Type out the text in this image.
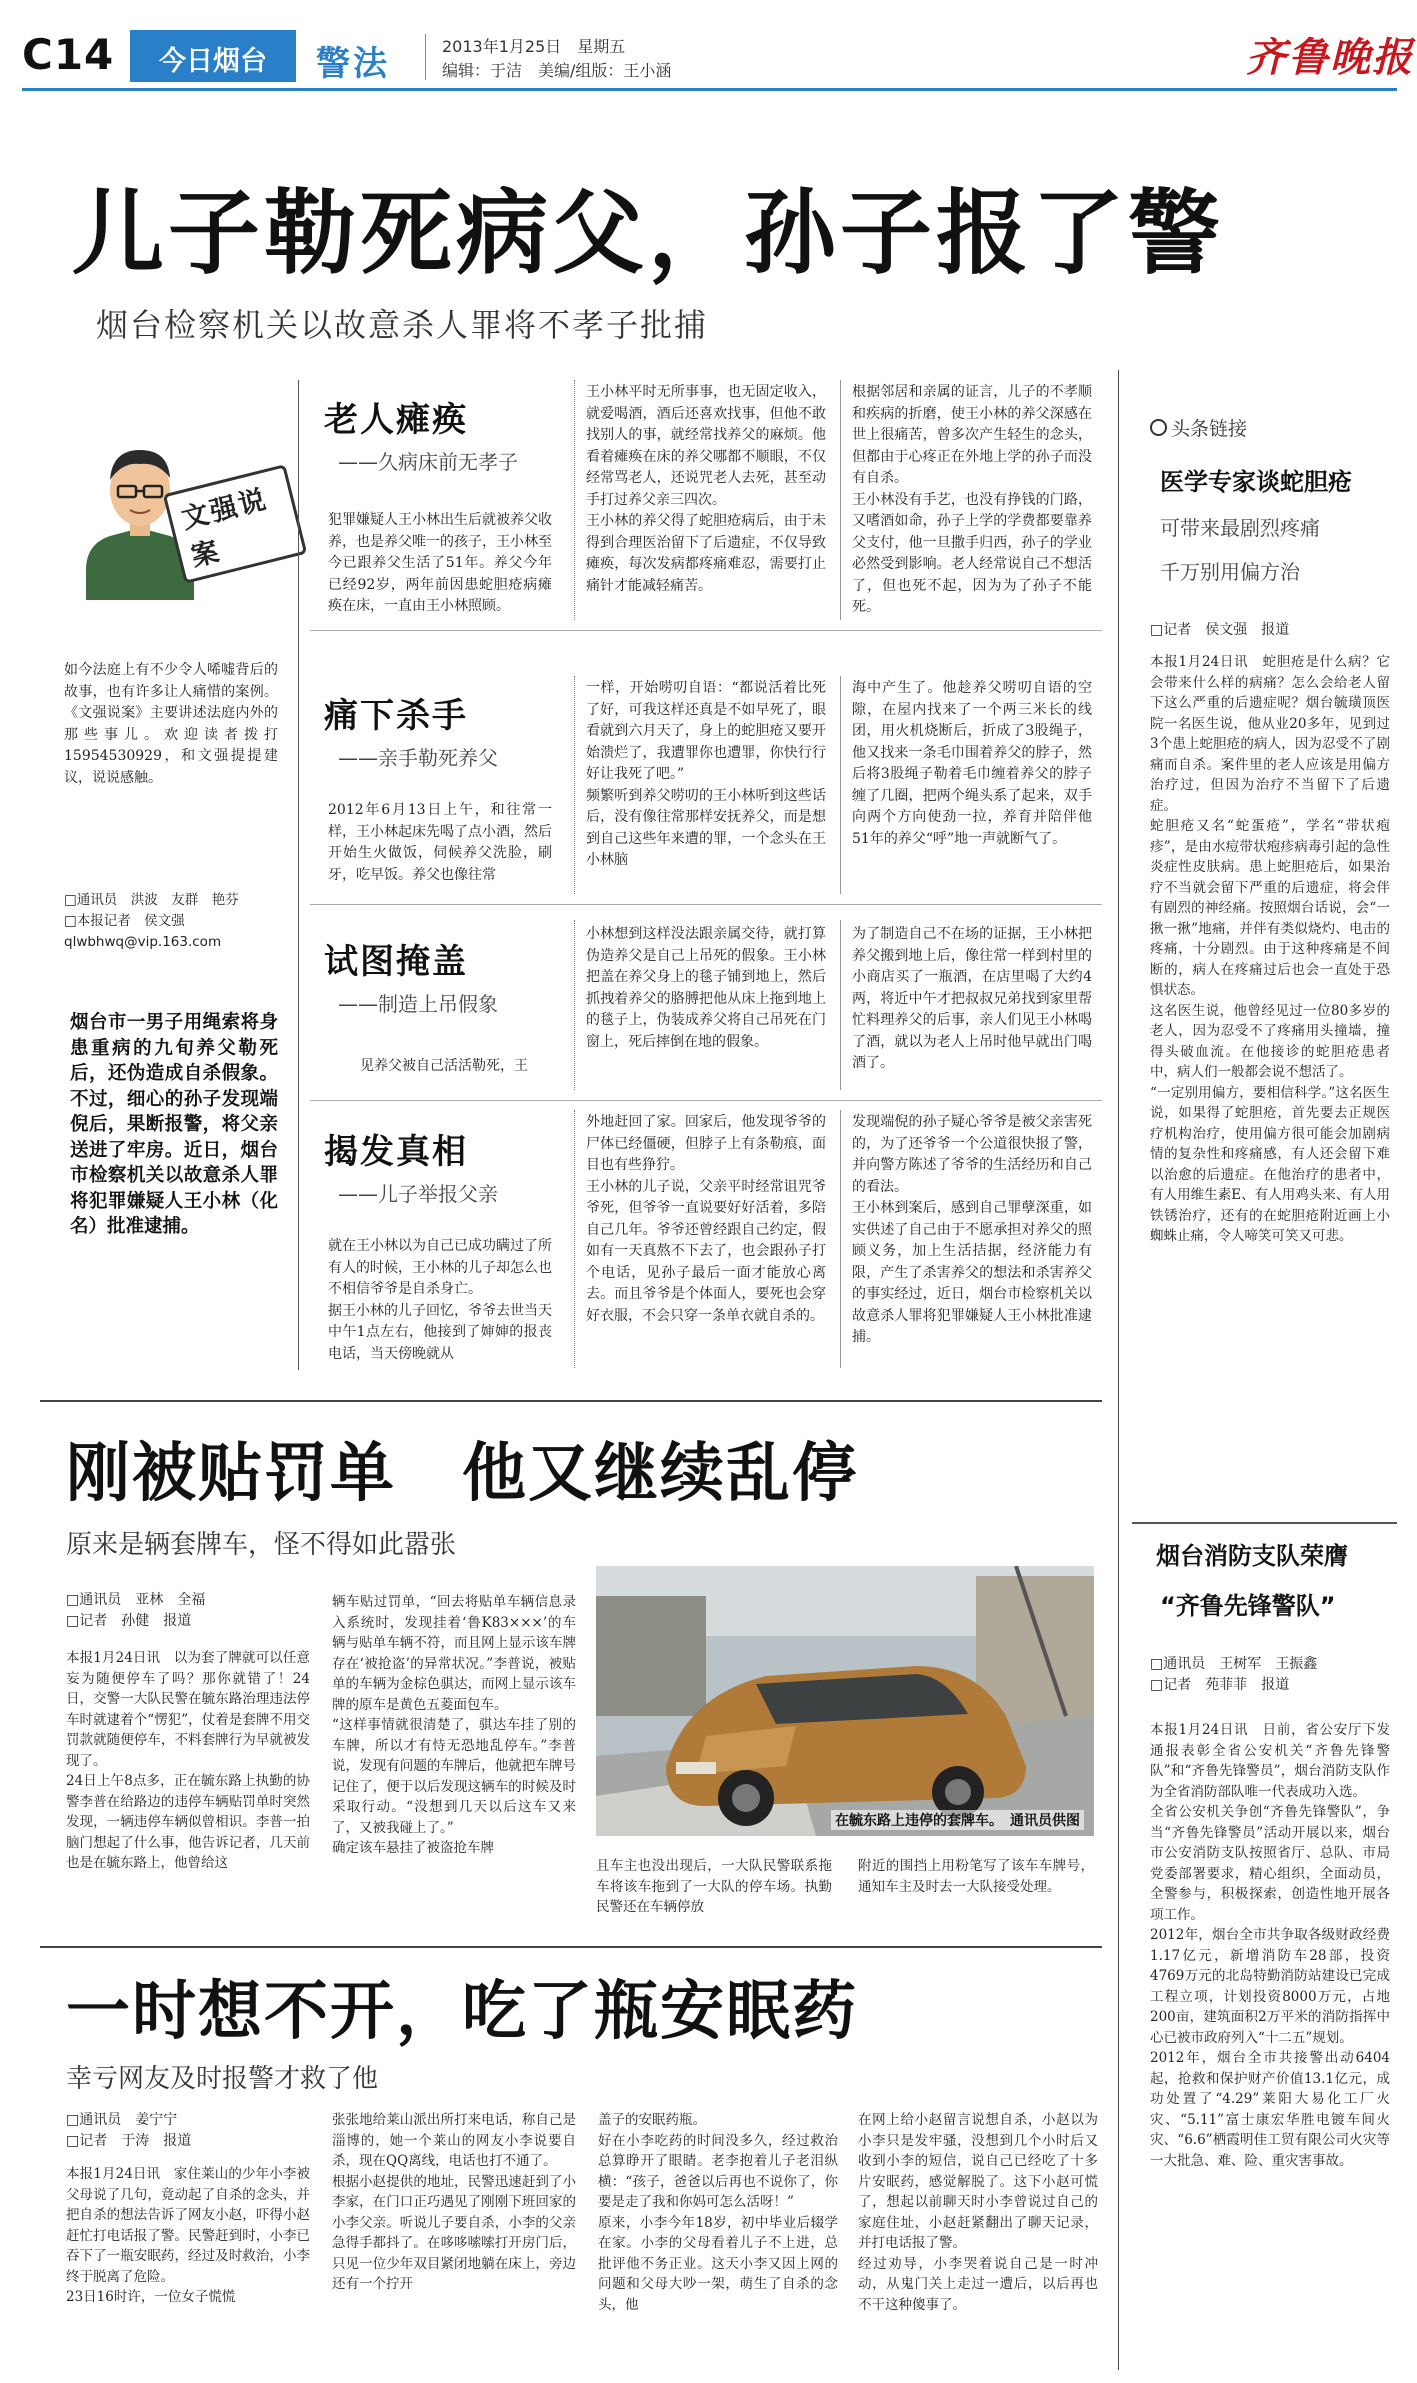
C14	今日烟台	警法	2013年1月25日　星期五
编辑：于洁　美编/组版：王小涵	齐鲁晚报
儿子勒死病父，孙子报了警
烟台检察机关以故意杀人罪将不孝子批捕
文强说案
如今法庭上有不少令人唏嘘背后的故事，也有许多让人痛惜的案例。《文强说案》主要讲述法庭内外的那些事儿。欢迎读者拨打15954530929，和文强提提建议，说说感触。
□通讯员　洪波　友群　艳芬
□本报记者　侯文强
qlwbhwq@vip.163.com
烟台市一男子用绳索将身患重病的九旬养父勒死后，还伪造成自杀假象。不过，细心的孙子发现端倪后，果断报警，将父亲送进了牢房。近日，烟台市检察机关以故意杀人罪将犯罪嫌疑人王小林（化名）批准逮捕。
老人瘫痪
——久病床前无孝子
犯罪嫌疑人王小林出生后就被养父收养，也是养父唯一的孩子，王小林至今已跟养父生活了51年。养父今年已经92岁，两年前因患蛇胆疮病瘫痪在床，一直由王小林照顾。
王小林平时无所事事，也无固定收入，就爱喝酒，酒后还喜欢找事，但他不敢找别人的事，就经常找养父的麻烦。他看着瘫痪在床的养父哪都不顺眼，不仅经常骂老人，还说咒老人去死，甚至动手打过养父亲三四次。
王小林的养父得了蛇胆疮病后，由于未得到合理医治留下了后遗症，不仅导致瘫痪，每次发病都疼痛难忍，需要打止痛针才能减轻痛苦。
根据邻居和亲属的证言，儿子的不孝顺和疾病的折磨，使王小林的养父深感在世上很痛苦，曾多次产生轻生的念头，但都由于心疼正在外地上学的孙子而没有自杀。
王小林没有手艺，也没有挣钱的门路，又嗜酒如命，孙子上学的学费都要靠养父支付，他一旦撒手归西，孙子的学业必然受到影响。老人经常说自己不想活了，但也死不起，因为为了孙子不能死。
痛下杀手
——亲手勒死养父
2012年6月13日上午，和往常一样，王小林起床先喝了点小酒，然后开始生火做饭，伺候养父洗脸，刷牙，吃早饭。养父也像往常
一样，开始唠叨自语：“都说活着比死了好，可我这样还真是不如早死了，眼看就到六月天了，身上的蛇胆疮又要开始溃烂了，我遭罪你也遭罪，你快行行好让我死了吧。”
频繁听到养父唠叨的王小林听到这些话后，没有像往常那样安抚养父，而是想到自己这些年来遭的罪，一个念头在王小林脑
海中产生了。他趁养父唠叨自语的空隙，在屋内找来了一个两三米长的线团，用火机烧断后，折成了3股绳子，他又找来一条毛巾围着养父的脖子，然后将3股绳子勒着毛巾缠着养父的脖子缠了几圈，把两个绳头系了起来，双手向两个方向使劲一拉，养育并陪伴他51年的养父“呼”地一声就断气了。
试图掩盖
——制造上吊假象
见养父被自己活活勒死，王
小林想到这样没法跟亲属交待，就打算伪造养父是自己上吊死的假象。王小林把盖在养父身上的毯子铺到地上，然后抓拽着养父的胳膊把他从床上拖到地上的毯子上，伪装成养父将自己吊死在门窗上，死后摔倒在地的假象。
为了制造自己不在场的证据，王小林把养父搬到地上后，像往常一样到村里的小商店买了一瓶酒，在店里喝了大约4两，将近中午才把叔叔兄弟找到家里帮忙料理养父的后事，亲人们见王小林喝了酒，就以为老人上吊时他早就出门喝酒了。
揭发真相
——儿子举报父亲
就在王小林以为自己已成功瞒过了所有人的时候，王小林的儿子却怎么也不相信爷爷是自杀身亡。
据王小林的儿子回忆，爷爷去世当天中午1点左右，他接到了婶婶的报丧电话，当天傍晚就从
外地赶回了家。回家后，他发现爷爷的尸体已经僵硬，但脖子上有条勒痕，面目也有些狰狞。
王小林的儿子说，父亲平时经常诅咒爷爷死，但爷爷一直说要好好活着，多陪自己几年。爷爷还曾经跟自己约定，假如有一天真熬不下去了，也会跟孙子打个电话，见孙子最后一面才能放心离去。而且爷爷是个体面人，要死也会穿好衣服，不会只穿一条单衣就自杀的。
发现端倪的孙子疑心爷爷是被父亲害死的，为了还爷爷一个公道很快报了警，并向警方陈述了爷爷的生活经历和自己的看法。
王小林到案后，感到自己罪孽深重，如实供述了自己由于不愿承担对养父的照顾义务，加上生活拮据，经济能力有限，产生了杀害养父的想法和杀害养父的事实经过，近日，烟台市检察机关以故意杀人罪将犯罪嫌疑人王小林批准逮捕。
头条链接
医学专家谈蛇胆疮
可带来最剧烈疼痛
千万别用偏方治
□记者　侯文强　报道
本报1月24日讯　蛇胆疮是什么病？它会带来什么样的病痛？怎么会给老人留下这么严重的后遗症呢？烟台毓璜顶医院一名医生说，他从业20多年，见到过3个患上蛇胆疮的病人，因为忍受不了剧痛而自杀。案件里的老人应该是用偏方治疗过，但因为治疗不当留下了后遗症。
蛇胆疮又名“蛇蛋疮”，学名“带状疱疹”，是由水痘带状疱疹病毒引起的急性炎症性皮肤病。患上蛇胆疮后，如果治疗不当就会留下严重的后遗症，将会伴有剧烈的神经痛。按照烟台话说，会“一揪一揪”地痛，并伴有类似烧灼、电击的疼痛，十分剧烈。由于这种疼痛是不间断的，病人在疼痛过后也会一直处于恐惧状态。
这名医生说，他曾经见过一位80多岁的老人，因为忍受不了疼痛用头撞墙，撞得头破血流。在他接诊的蛇胆疮患者中，病人们一般都会说不想活了。
“一定别用偏方，要相信科学。”这名医生说，如果得了蛇胆疮，首先要去正规医疗机构治疗，使用偏方很可能会加剧病情的复杂性和疼痛感，有人还会留下难以治愈的后遗症。在他治疗的患者中，有人用维生素E、有人用鸡头来、有人用铁锈治疗，还有的在蛇胆疮附近画上小蜘蛛止痛，令人啼笑可笑又可悲。
烟台消防支队荣膺
“齐鲁先锋警队”
□通讯员　王树军　王振鑫
□记者　苑菲菲　报道
本报1月24日讯　日前，省公安厅下发通报表彰全省公安机关“齐鲁先锋警队”和“齐鲁先锋警员”，烟台消防支队作为全省消防部队唯一代表成功入选。
全省公安机关争创“齐鲁先锋警队”，争当“齐鲁先锋警员”活动开展以来，烟台市公安消防支队按照省厅、总队、市局党委部署要求，精心组织，全面动员，全警参与，积极探索，创造性地开展各项工作。
2012年，烟台全市共争取各级财政经费1.17亿元，新增消防车28部，投资4769万元的北岛特勤消防站建设已完成工程立项，计划投资8000万元，占地200亩，建筑面积2万平米的消防指挥中心已被市政府列入“十二五”规划。
2012年，烟台全市共接警出动6404起，抢救和保护财产价值13.1亿元，成功处置了“4.29”莱阳大易化工厂火灾、“5.11”富士康宏华胜电镀车间火灾、“6.6”栖霞明佳工贸有限公司火灾等一大批急、难、险、重灾害事故。
刚被贴罚单　他又继续乱停
原来是辆套牌车，怪不得如此嚣张
□通讯员　亚林　全福
□记者　孙健　报道
本报1月24日讯　以为套了牌就可以任意妄为随便停车了吗？那你就错了！24日，交警一大队民警在毓东路治理违法停车时就逮着个“愣犯”，仗着是套牌不用交罚款就随便停车，不料套牌行为早就被发现了。
24日上午8点多，正在毓东路上执勤的协警李普在给路边的违停车辆贴罚单时突然发现，一辆违停车辆似曾相识。李普一拍脑门想起了什么事，他告诉记者，几天前也是在毓东路上，他曾给这
辆车贴过罚单，“回去将贴单车辆信息录入系统时，发现挂着‘鲁K83×××’的车辆与贴单车辆不符，而且网上显示该车牌存在‘被抢盗’的异常状况。”李普说，被贴单的车辆为金棕色骐达，而网上显示该车牌的原车是黄色五菱面包车。
“这样事情就很清楚了，骐达车挂了别的车牌，所以才有恃无恐地乱停车。”李普说，发现有问题的车牌后，他就把车牌号记住了，便于以后发现这辆车的时候及时采取行动。“没想到几天以后这车又来了，又被我碰上了。”
确定该车悬挂了被盗抢车牌
在毓东路上违停的套牌车。　通讯员供图
且车主也没出现后，一大队民警联系拖车将该车拖到了一大队的停车场。执勤民警还在车辆停放
附近的围挡上用粉笔写了该车车牌号，通知车主及时去一大队接受处理。
一时想不开，吃了瓶安眠药
幸亏网友及时报警才救了他
□通讯员　姜宁宁
□记者　于涛　报道
本报1月24日讯　家住莱山的少年小李被父母说了几句，竟动起了自杀的念头，并把自杀的想法告诉了网友小赵，吓得小赵赶忙打电话报了警。民警赶到时，小李已吞下了一瓶安眠药，经过及时救治，小李终于脱离了危险。
23日16时许，一位女子慌慌
张张地给莱山派出所打来电话，称自己是淄博的，她一个莱山的网友小李说要自杀，现在QQ离线，电话也打不通了。
根据小赵提供的地址，民警迅速赶到了小李家，在门口正巧遇见了刚刚下班回家的小李父亲。听说儿子要自杀，小李的父亲急得手都抖了。在哆哆嗦嗦打开房门后，只见一位少年双目紧闭地躺在床上，旁边还有一个拧开
盖子的安眠药瓶。
好在小李吃药的时间没多久，经过救治总算睁开了眼睛。老李抱着儿子老泪纵横：“孩子，爸爸以后再也不说你了，你要是走了我和你妈可怎么活呀！”
原来，小李今年18岁，初中毕业后辍学在家。小李的父母看着儿子不上进，总批评他不务正业。这天小李又因上网的问题和父母大吵一架，萌生了自杀的念头，他
在网上给小赵留言说想自杀，小赵以为小李只是发牢骚，没想到几个小时后又收到小李的短信，说自己已经吃了十多片安眠药，感觉解脱了。这下小赵可慌了，想起以前聊天时小李曾说过自己的家庭住址，小赵赶紧翻出了聊天记录，并打电话报了警。
经过劝导，小李哭着说自己是一时冲动，从鬼门关上走过一遭后，以后再也不干这种傻事了。
